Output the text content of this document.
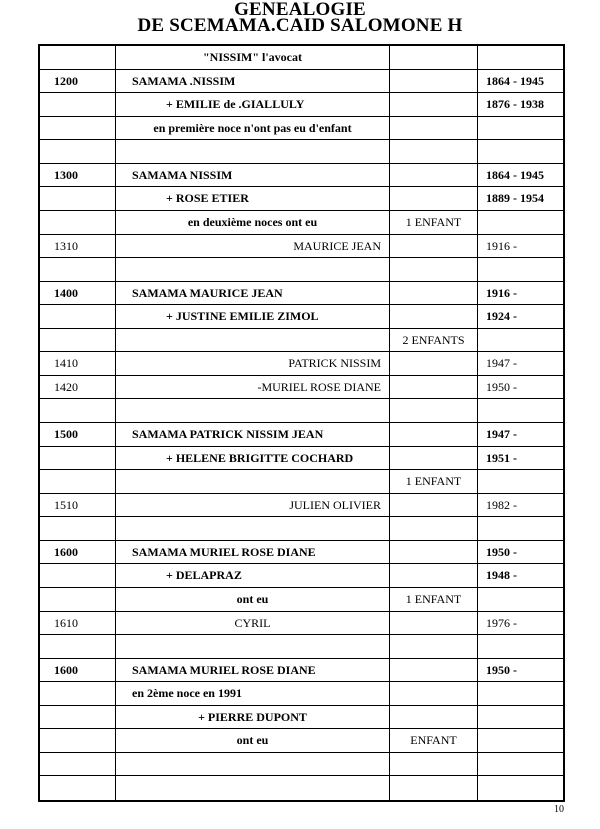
GENEALOGIE
DE SCEMAMA.CAID SALOMONE H
"NISSIM" l'avocat
1200	SAMAMA .NISSIM	1864 - 1945
+ EMILIE de .GIALLULY	1876 - 1938
en première noce n'ont pas eu d'enfant
1300	SAMAMA NISSIM	1864 - 1945
+ ROSE ETIER	1889 - 1954
en deuxième noces ont eu	1 ENFANT
1310	MAURICE JEAN	1916 -
1400	SAMAMA MAURICE JEAN	1916 -
+ JUSTINE EMILIE ZIMOL	1924 -
2 ENFANTS
1410	PATRICK NISSIM	1947 -
1420	-MURIEL ROSE DIANE	1950 -
1500	SAMAMA PATRICK NISSIM JEAN	1947 -
+ HELENE BRIGITTE COCHARD	1951 -
1 ENFANT
1510	JULIEN OLIVIER	1982 -
1600	SAMAMA MURIEL ROSE DIANE	1950 -
+ DELAPRAZ	1948 -
ont eu	1 ENFANT
1610	CYRIL	1976 -
1600	SAMAMA MURIEL ROSE DIANE	1950 -
en 2ème noce en 1991
+ PIERRE DUPONT
ont eu	ENFANT
10
